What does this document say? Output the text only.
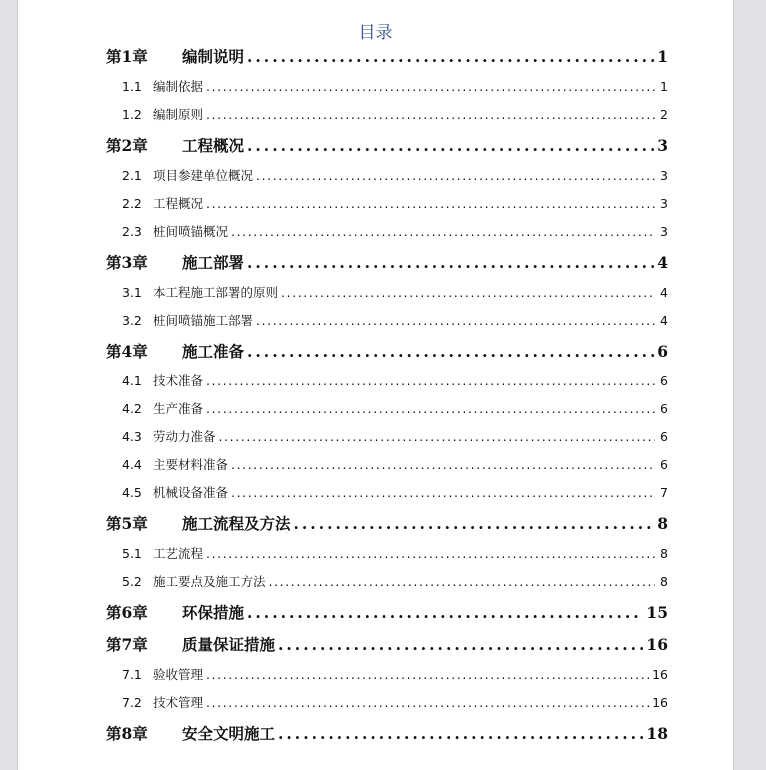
目录
第1章	编制说明 .....	1
1.1 编制依据 .....	1
1.2 编制原则 .....	2
第2章	工程概况 .....	3
2.1 项目参建单位概况 .....	3
2.2 工程概况 .....	3
2.3 桩间喷锚概况 .....	3
第3章	施工部署 .....	4
3.1 本工程施工部署的原则 .....	4
3.2 桩间喷锚施工部署 .....	4
第4章	施工准备 .....	6
4.1 技术准备 .....	6
4.2 生产准备 .....	6
4.3 劳动力准备 .....	6
4.4 主要材料准备 .....	6
4.5 机械设备准备 .....	7
第5章	施工流程及方法 .....	8
5.1 工艺流程 .....	8
5.2 施工要点及施工方法 .....	8
第6章	环保措施 .....	15
第7章	质量保证措施 .....	16
7.1 验收管理 .....	16
7.2 技术管理 .....	16
第8章	安全文明施工 .....	18
